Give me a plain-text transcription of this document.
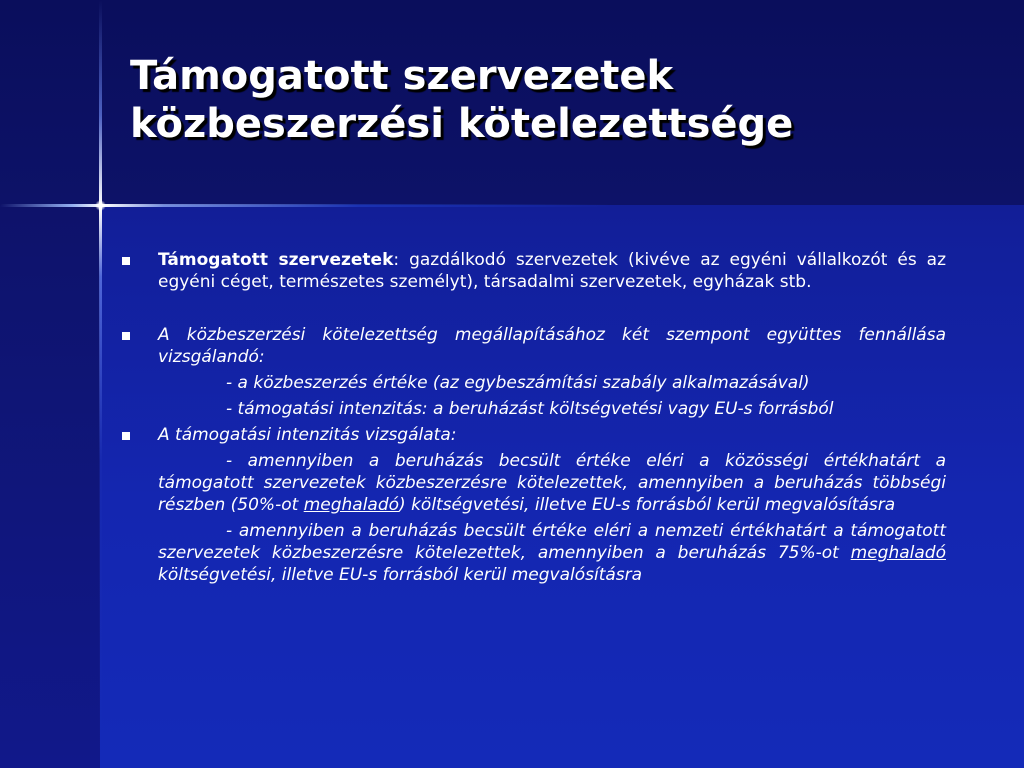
Támogatott szervezetek
közbeszerzési kötelezettsége

Támogatott szervezetek: gazdálkodó szervezetek (kivéve az egyéni vállalkozót és az egyéni céget, természetes személyt), társadalmi szervezetek, egyházak stb.

A közbeszerzési kötelezettség megállapításához két szempont együttes fennállása vizsgálandó:

- a közbeszerzés értéke (az egybeszámítási szabály alkalmazásával)

- támogatási intenzitás: a beruházást költségvetési vagy EU-s forrásból

A támogatási intenzitás vizsgálata:

- amennyiben a beruházás becsült értéke eléri a közösségi értékhatárt a támogatott szervezetek közbeszerzésre kötelezettek, amennyiben a beruházás többségi részben (50%-ot meghaladó) költségvetési, illetve EU-s forrásból kerül megvalósításra

- amennyiben a beruházás becsült értéke eléri a nemzeti értékhatárt a támogatott szervezetek közbeszerzésre kötelezettek, amennyiben a beruházás 75%-ot meghaladó költségvetési, illetve EU-s forrásból kerül megvalósításra
